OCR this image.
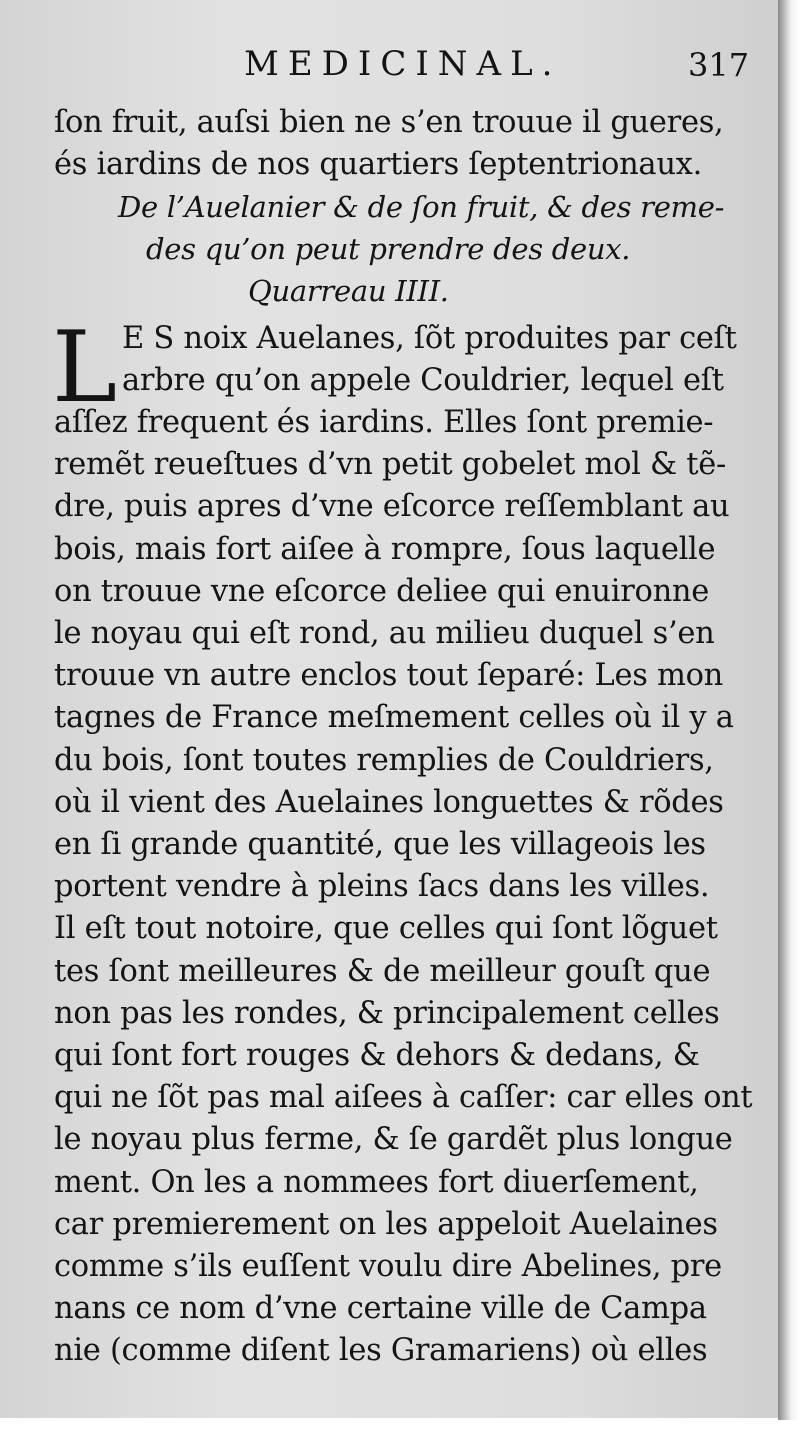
MEDICINAL.	317
ſon fruit, auſsi bien ne s’en trouue il gueres,
és iardins de nos quartiers ſeptentrionaux.
De l’Auelanier & de ſon fruit, & des reme-
des qu’on peut prendre des deux.
Quarreau IIII.
L E S noix Auelanes, ſõt produites par ceſt
arbre qu’on appele Couldrier, lequel eſt
aſſez frequent és iardins. Elles ſont premie-
remẽt reueſtues d’vn petit gobelet mol & tẽ-
dre, puis apres d’vne eſcorce reſſemblant au
bois, mais fort aiſee à rompre, ſous laquelle
on trouue vne eſcorce deliee qui enuironne
le noyau qui eſt rond, au milieu duquel s’en
trouue vn autre enclos tout ſeparé: Les mon
tagnes de France meſmement celles où il y a
du bois, ſont toutes remplies de Couldriers,
où il vient des Auelaines longuettes & rõdes
en ſi grande quantité, que les villageois les
portent vendre à pleins ſacs dans les villes.
Il eſt tout notoire, que celles qui ſont lõguet
tes ſont meilleures & de meilleur gouſt que
non pas les rondes, & principalement celles
qui ſont fort rouges & dehors & dedans, &
qui ne ſõt pas mal aiſees à caſſer: car elles ont
le noyau plus ferme, & ſe gardẽt plus longue
ment. On les a nommees fort diuerſement,
car premierement on les appeloit Auelaines
comme s’ils euſſent voulu dire Abelines, pre
nans ce nom d’vne certaine ville de Campa
nie (comme diſent les Gramariens) où elles
